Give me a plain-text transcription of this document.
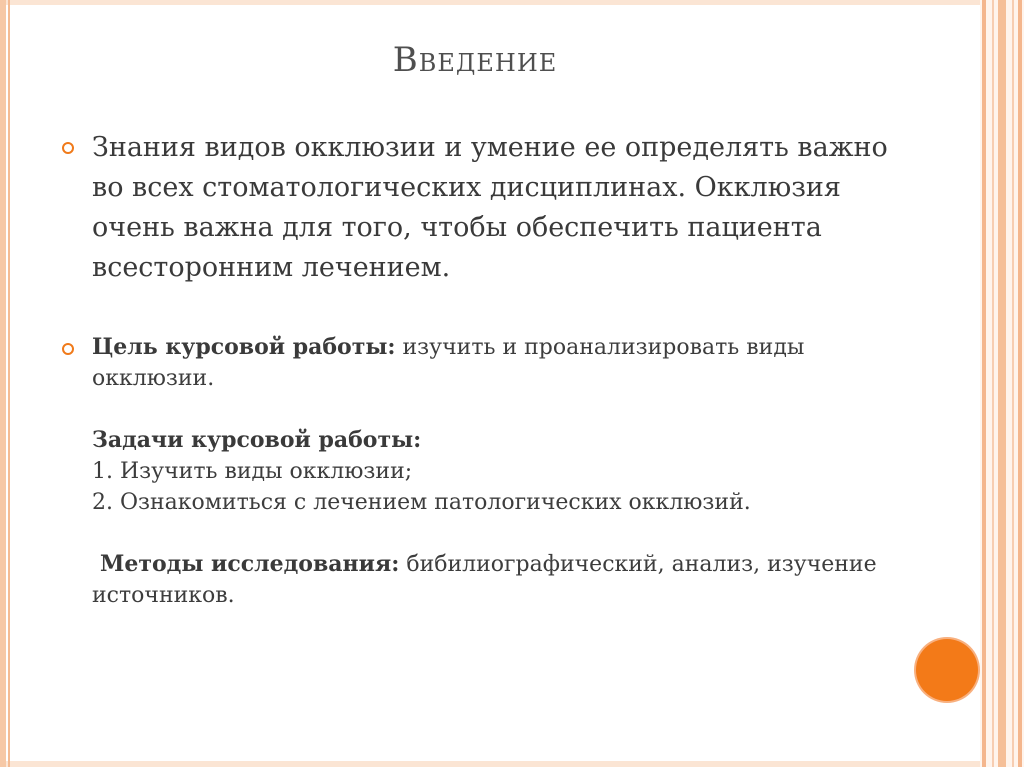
Введение
Знания видов окклюзии и умение ее определять важно во всех стоматологических дисциплинах. Окклюзия очень важна для того, чтобы обеспечить пациента всесторонним лечением.
Цель курсовой работы: изучить и проанализировать виды окклюзии.
Задачи курсовой работы:
1. Изучить виды окклюзии;
2. Ознакомиться с лечением патологических окклюзий.
Методы исследования: бибилиографический, анализ, изучение источников.
